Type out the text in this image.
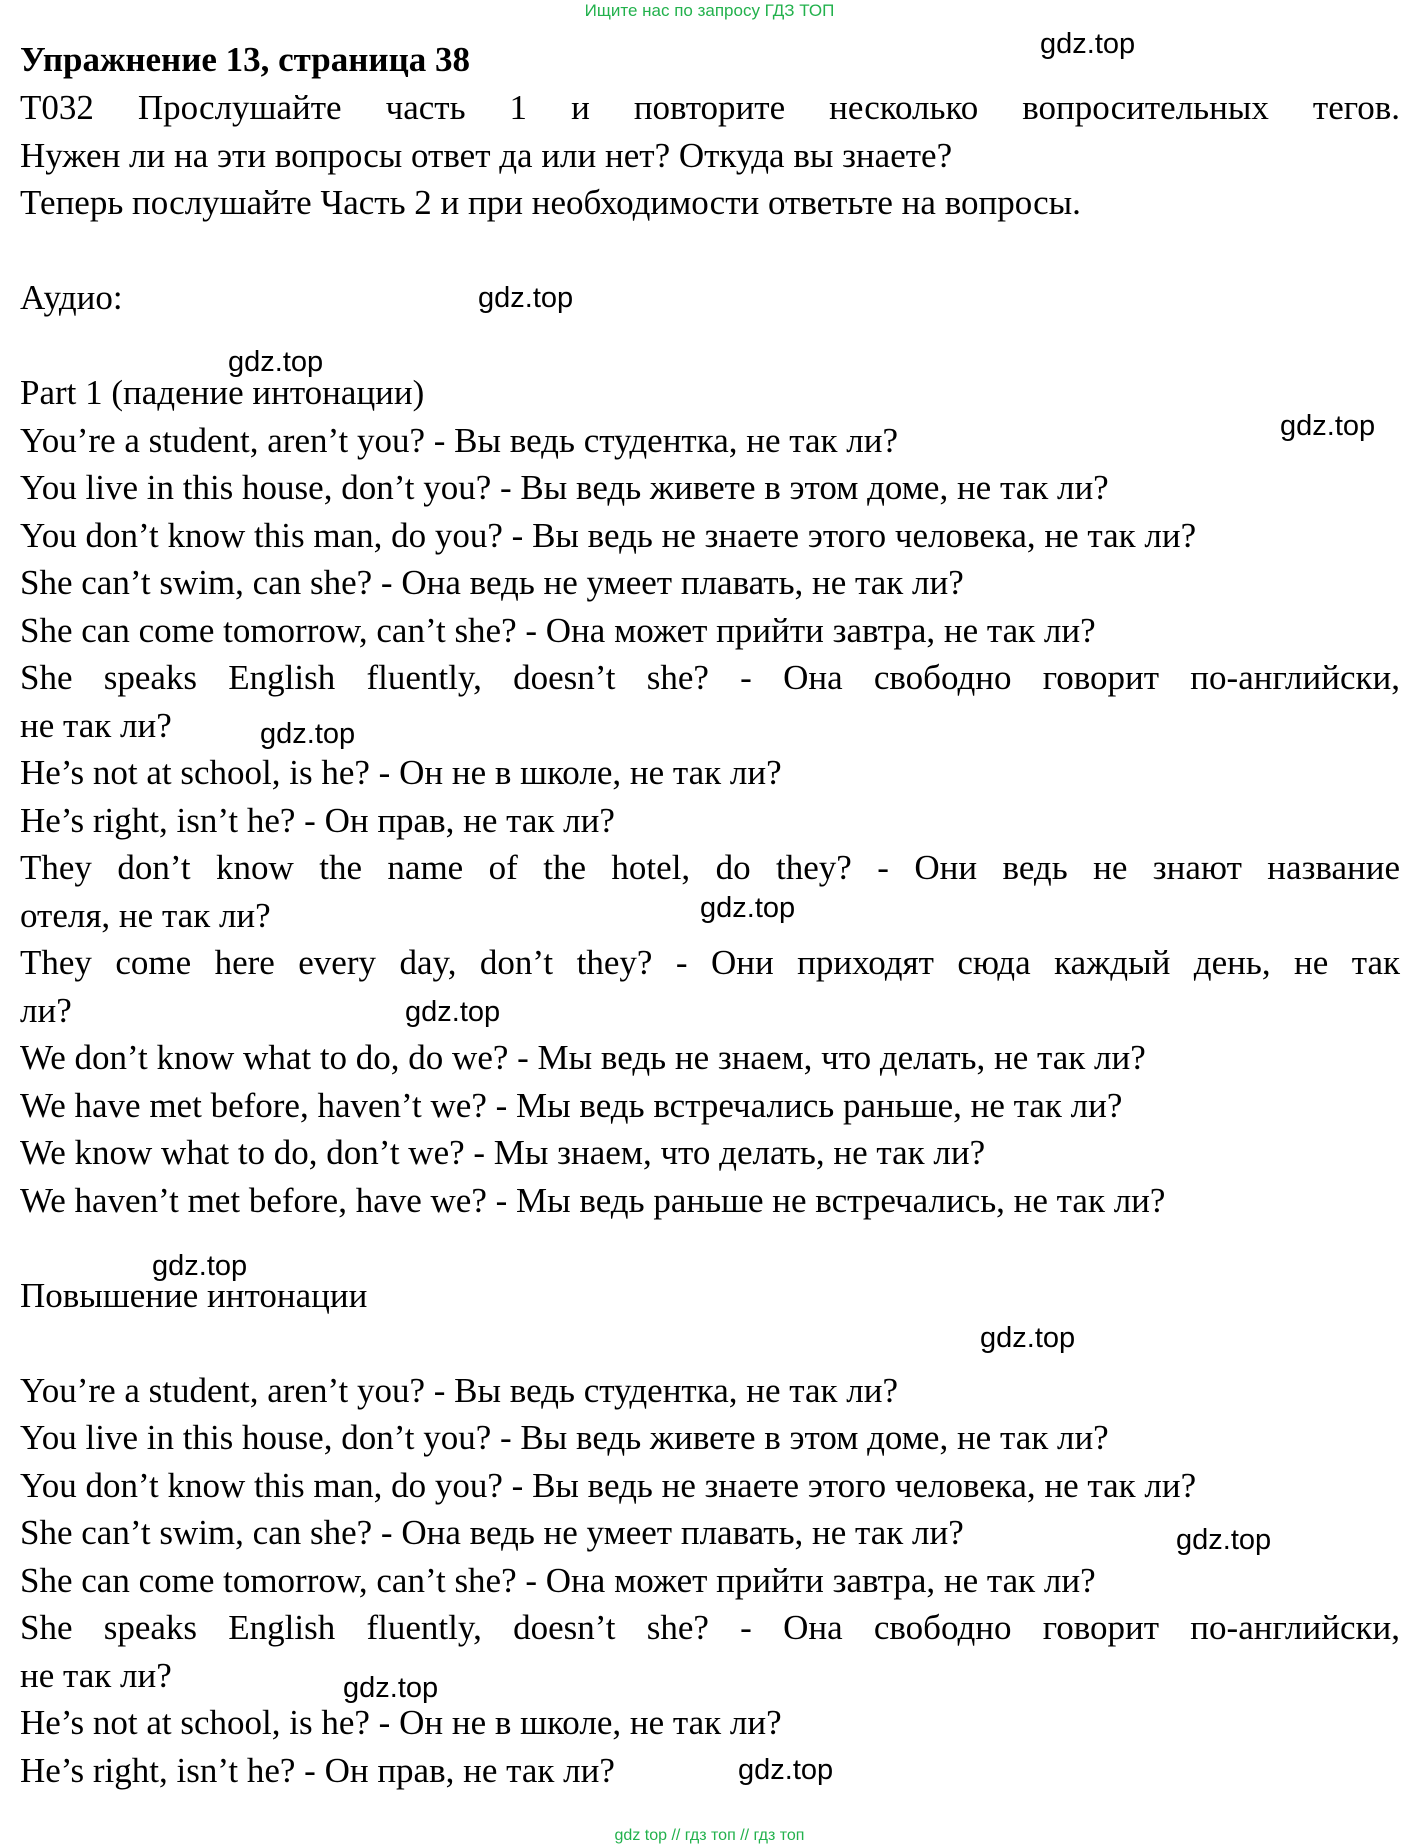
Ищите нас по запросу ГДЗ ТОП

Упражнение 13, страница 38

T032 Прослушайте часть 1 и повторите несколько вопросительных тегов.

Нужен ли на эти вопросы ответ да или нет? Откуда вы знаете?

Теперь послушайте Часть 2 и при необходимости ответьте на вопросы.

Аудио:

Part 1 (падение интонации)

You’re a student, aren’t you? - Вы ведь студентка, не так ли?

You live in this house, don’t you? - Вы ведь живете в этом доме, не так ли?

You don’t know this man, do you? - Вы ведь не знаете этого человека, не так ли?

She can’t swim, can she? - Она ведь не умеет плавать, не так ли?

She can come tomorrow, can’t she? - Она может прийти завтра, не так ли?

She speaks English fluently, doesn’t she? - Она свободно говорит по-английски,

не так ли?

He’s not at school, is he? - Он не в школе, не так ли?

He’s right, isn’t he? - Он прав, не так ли?

They don’t know the name of the hotel, do they? - Они ведь не знают название

отеля, не так ли?

They come here every day, don’t they? - Они приходят сюда каждый день, не так

ли?

We don’t know what to do, do we? - Мы ведь не знаем, что делать, не так ли?

We have met before, haven’t we? - Мы ведь встречались раньше, не так ли?

We know what to do, don’t we? - Мы знаем, что делать, не так ли?

We haven’t met before, have we? - Мы ведь раньше не встречались, не так ли?

Повышение интонации

You’re a student, aren’t you? - Вы ведь студентка, не так ли?

You live in this house, don’t you? - Вы ведь живете в этом доме, не так ли?

You don’t know this man, do you? - Вы ведь не знаете этого человека, не так ли?

She can’t swim, can she? - Она ведь не умеет плавать, не так ли?

She can come tomorrow, can’t she? - Она может прийти завтра, не так ли?

She speaks English fluently, doesn’t she? - Она свободно говорит по-английски,

не так ли?

He’s not at school, is he? - Он не в школе, не так ли?

He’s right, isn’t he? - Он прав, не так ли?

gdz.top
gdz.top
gdz.top
gdz.top
gdz.top
gdz.top
gdz.top
gdz.top
gdz.top
gdz.top
gdz.top
gdz.top
gdz top // гдз топ // гдз топ
